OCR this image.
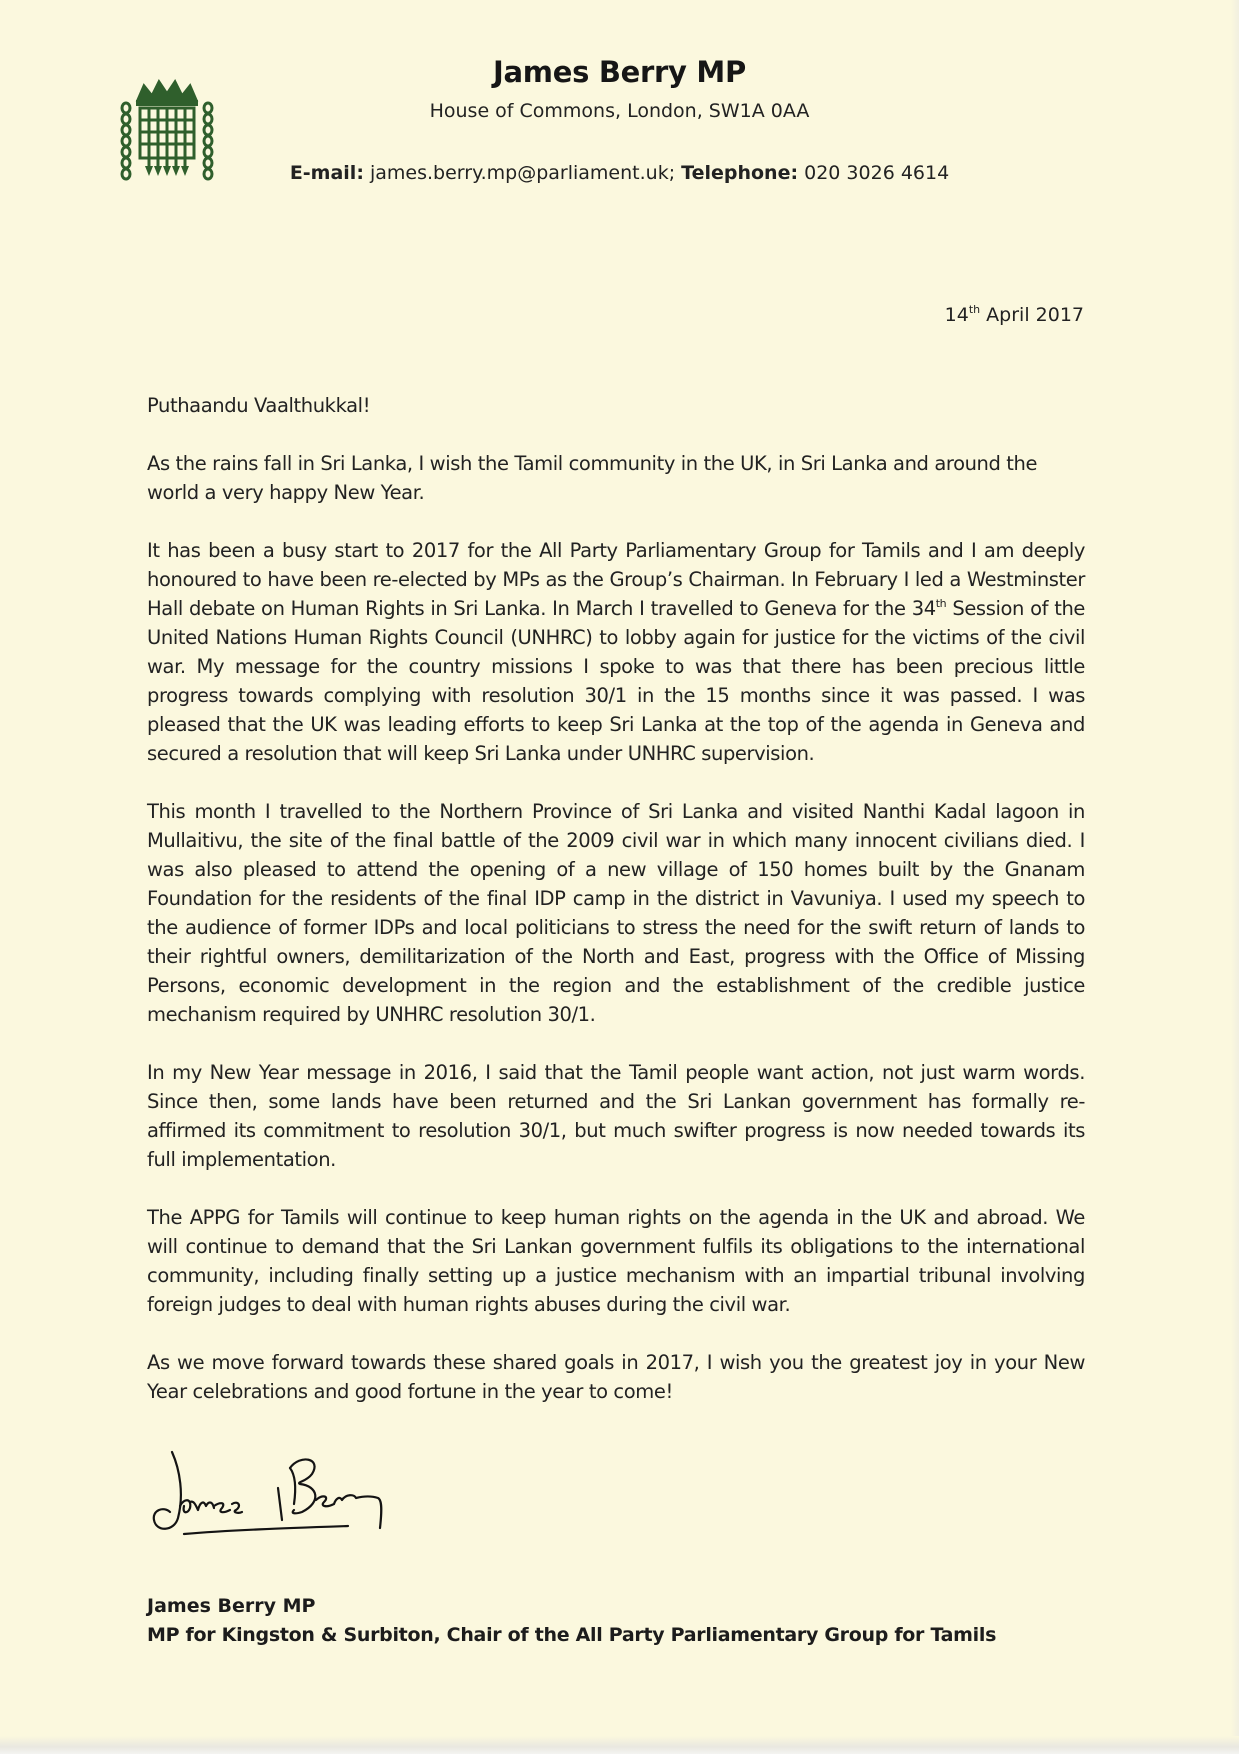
James Berry MP
House of Commons, London, SW1A 0AA
E-mail: james.berry.mp@parliament.uk; Telephone: 020 3026 4614
14th April 2017

Puthaandu Vaalthukkal!

As the rains fall in Sri Lanka, I wish the Tamil community in the UK, in Sri Lanka and around the world a very happy New Year.

It has been a busy start to 2017 for the All Party Parliamentary Group for Tamils and I am deeply honoured to have been re-elected by MPs as the Group’s Chairman. In February I led a Westminster Hall debate on Human Rights in Sri Lanka. In March I travelled to Geneva for the 34th Session of the United Nations Human Rights Council (UNHRC) to lobby again for justice for the victims of the civil war. My message for the country missions I spoke to was that there has been precious little progress towards complying with resolution 30/1 in the 15 months since it was passed. I was pleased that the UK was leading efforts to keep Sri Lanka at the top of the agenda in Geneva and secured a resolution that will keep Sri Lanka under UNHRC supervision.

This month I travelled to the Northern Province of Sri Lanka and visited Nanthi Kadal lagoon in Mullaitivu, the site of the final battle of the 2009 civil war in which many innocent civilians died. I was also pleased to attend the opening of a new village of 150 homes built by the Gnanam Foundation for the residents of the final IDP camp in the district in Vavuniya. I used my speech to the audience of former IDPs and local politicians to stress the need for the swift return of lands to their rightful owners, demilitarization of the North and East, progress with the Office of Missing Persons, economic development in the region and the establishment of the credible justice mechanism required by UNHRC resolution 30/1.

In my New Year message in 2016, I said that the Tamil people want action, not just warm words. Since then, some lands have been returned and the Sri Lankan government has formally re-affirmed its commitment to resolution 30/1, but much swifter progress is now needed towards its full implementation.

The APPG for Tamils will continue to keep human rights on the agenda in the UK and abroad. We will continue to demand that the Sri Lankan government fulfils its obligations to the international community, including finally setting up a justice mechanism with an impartial tribunal involving foreign judges to deal with human rights abuses during the civil war.

As we move forward towards these shared goals in 2017, I wish you the greatest joy in your New Year celebrations and good fortune in the year to come!

James Berry MP
MP for Kingston & Surbiton, Chair of the All Party Parliamentary Group for Tamils
